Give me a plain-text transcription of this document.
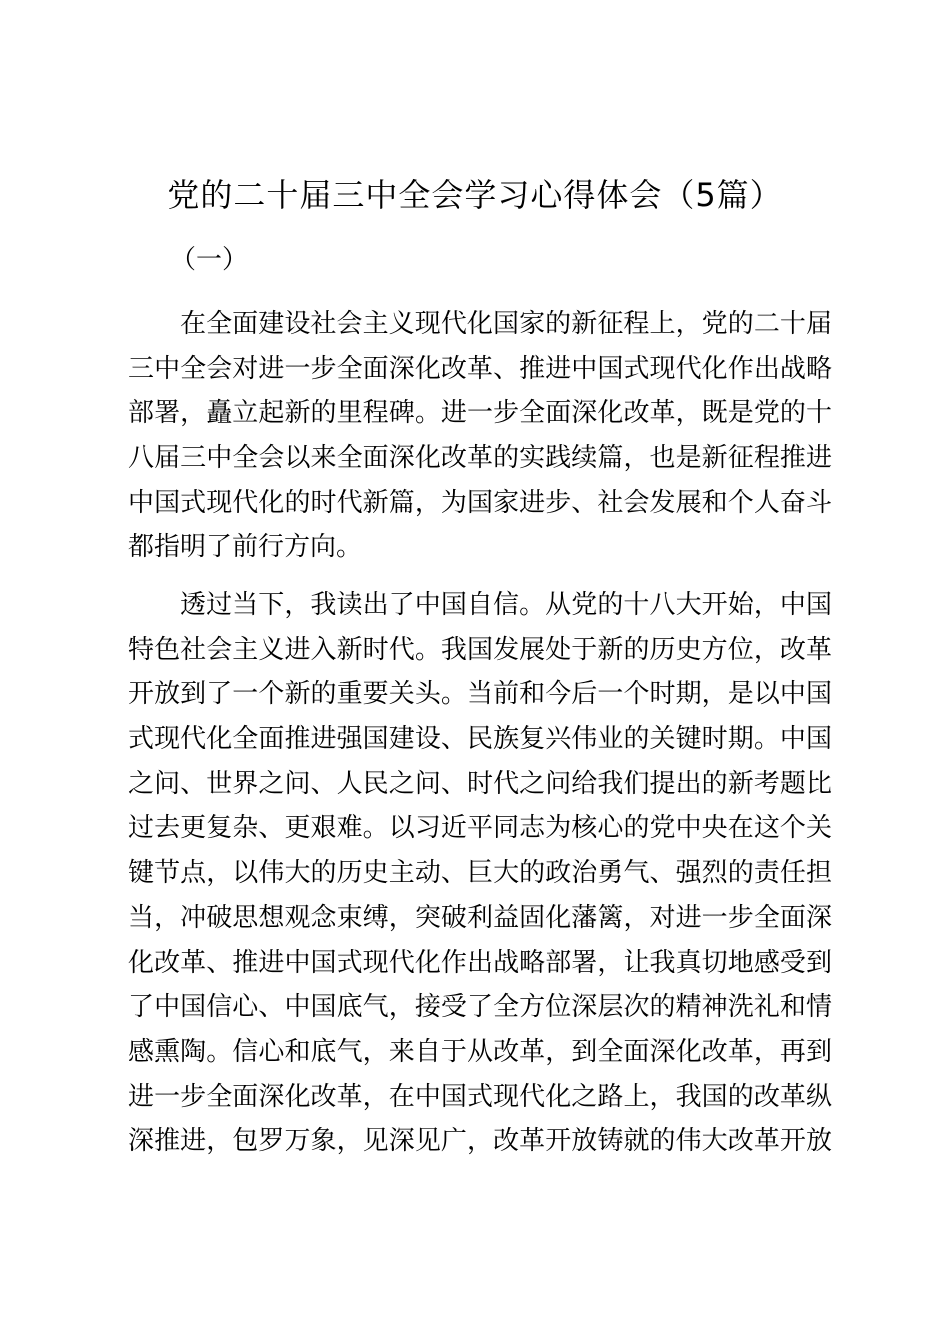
党的二十届三中全会学习心得体会（5篇）
（一）
在全面建设社会主义现代化国家的新征程上，党的二十届
三中全会对进一步全面深化改革、推进中国式现代化作出战略
部署，矗立起新的里程碑。进一步全面深化改革，既是党的十
八届三中全会以来全面深化改革的实践续篇，也是新征程推进
中国式现代化的时代新篇，为国家进步、社会发展和个人奋斗
都指明了前行方向。
透过当下，我读出了中国自信。从党的十八大开始，中国
特色社会主义进入新时代。我国发展处于新的历史方位，改革
开放到了一个新的重要关头。当前和今后一个时期，是以中国
式现代化全面推进强国建设、民族复兴伟业的关键时期。中国
之问、世界之问、人民之问、时代之问给我们提出的新考题比
过去更复杂、更艰难。以习近平同志为核心的党中央在这个关
键节点，以伟大的历史主动、巨大的政治勇气、强烈的责任担
当，冲破思想观念束缚，突破利益固化藩篱，对进一步全面深
化改革、推进中国式现代化作出战略部署，让我真切地感受到
了中国信心、中国底气，接受了全方位深层次的精神洗礼和情
感熏陶。信心和底气，来自于从改革，到全面深化改革，再到
进一步全面深化改革，在中国式现代化之路上，我国的改革纵
深推进，包罗万象，见深见广，改革开放铸就的伟大改革开放
